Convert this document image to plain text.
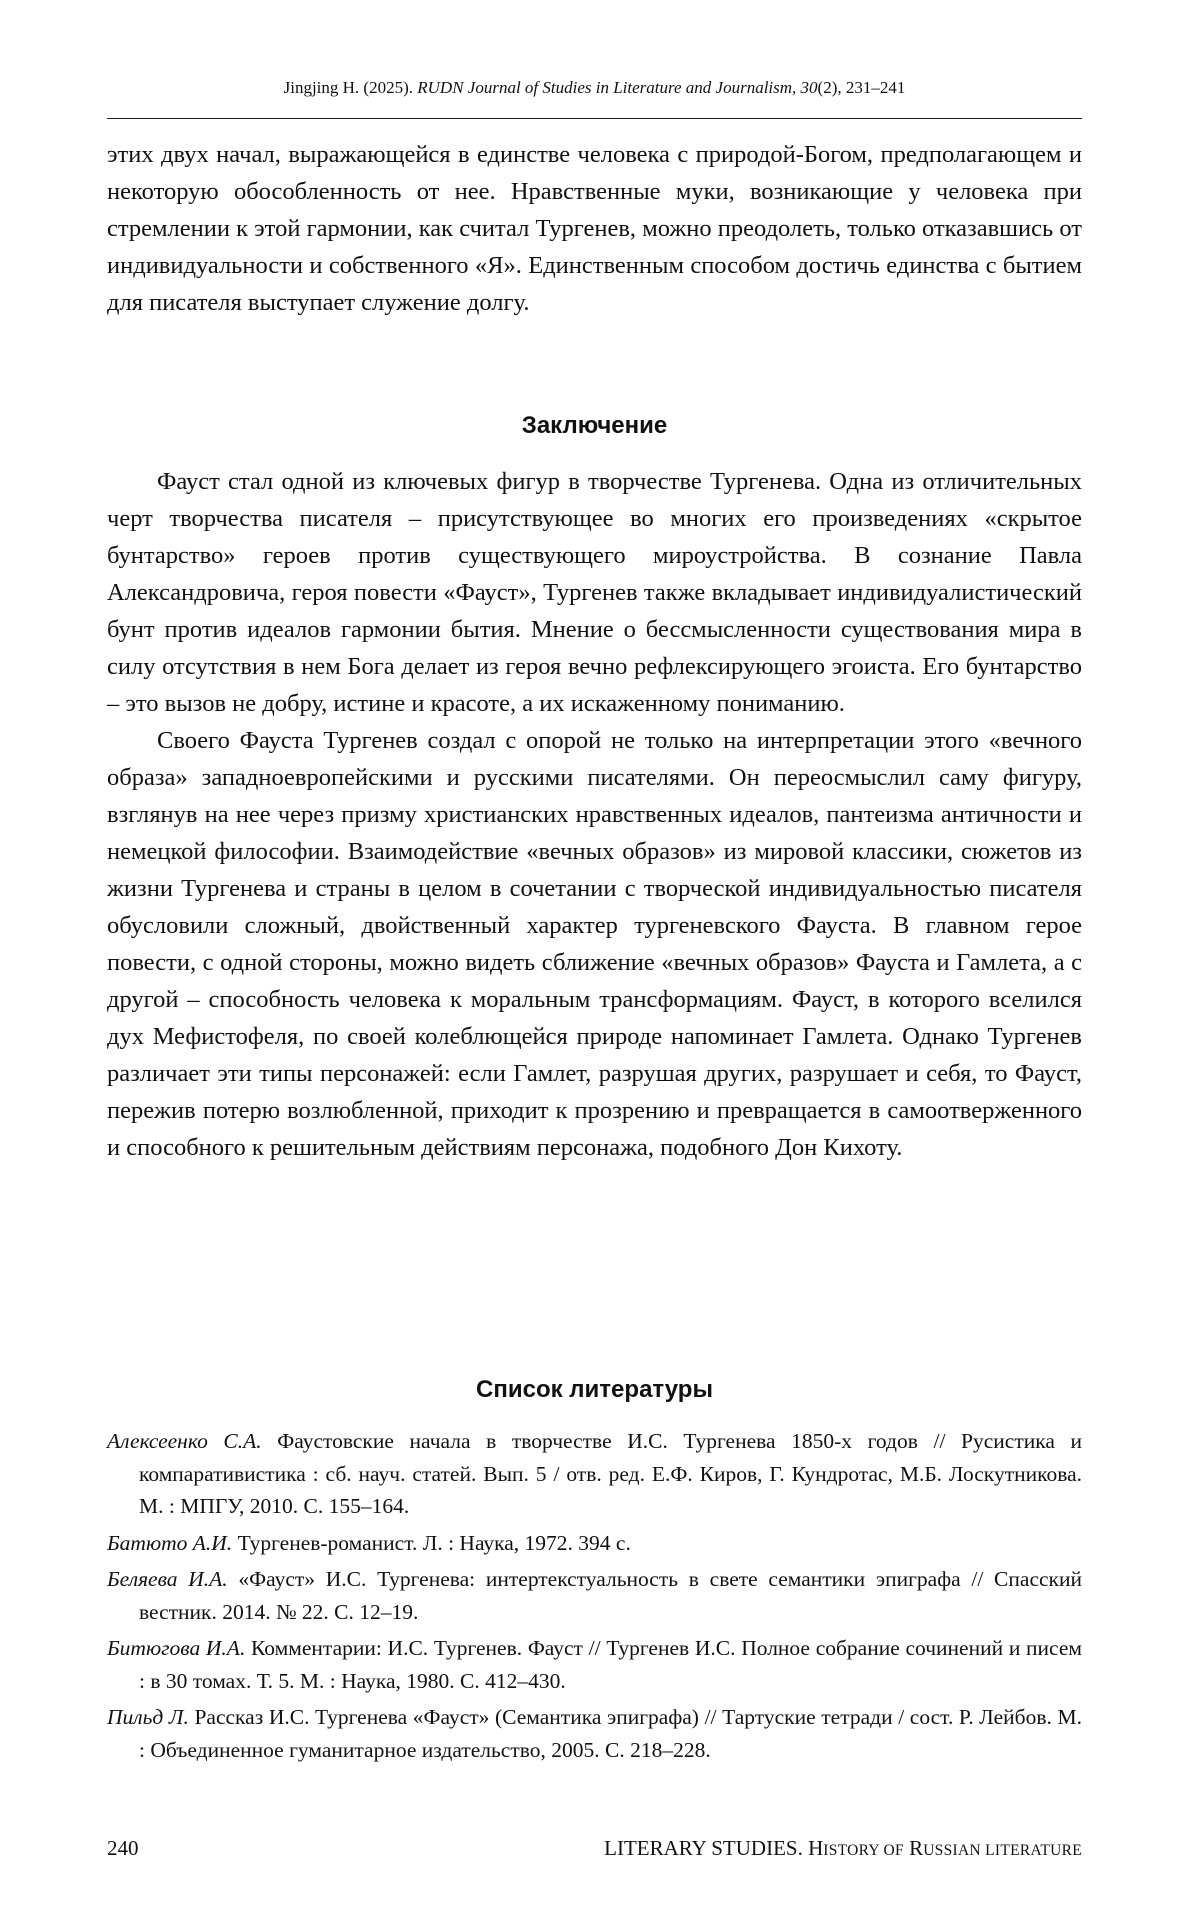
Jingjing H. (2025). RUDN Journal of Studies in Literature and Journalism, 30(2), 231–241

этих двух начал, выражающейся в единстве человека с природой-Богом, предполагающем и некоторую обособленность от нее. Нравственные муки, возникающие у человека при стремлении к этой гармонии, как считал Тургенев, можно преодолеть, только отказавшись от индивидуальности и собственного «Я». Единственным способом достичь единства с бытием для писателя выступает служение долгу.

Заключение

Фауст стал одной из ключевых фигур в творчестве Тургенева. Одна из отличительных черт творчества писателя – присутствующее во многих его произведениях «скрытое бунтарство» героев против существующего мироустройства. В сознание Павла Александровича, героя повести «Фауст», Тургенев также вкладывает индивидуалистический бунт против идеалов гармонии бытия. Мнение о бессмысленности существования мира в силу отсутствия в нем Бога делает из героя вечно рефлексирующего эгоиста. Его бунтарство – это вызов не добру, истине и красоте, а их искаженному пониманию.

Своего Фауста Тургенев создал с опорой не только на интерпретации этого «вечного образа» западноевропейскими и русскими писателями. Он переосмыслил саму фигуру, взглянув на нее через призму христианских нравственных идеалов, пантеизма античности и немецкой философии. Взаимодействие «вечных образов» из мировой классики, сюжетов из жизни Тургенева и страны в целом в сочетании с творческой индивидуальностью писателя обусловили сложный, двойственный характер тургеневского Фауста. В главном герое повести, с одной стороны, можно видеть сближение «вечных образов» Фауста и Гамлета, а с другой – способность человека к моральным трансформациям. Фауст, в которого вселился дух Мефистофеля, по своей колеблющейся природе напоминает Гамлета. Однако Тургенев различает эти типы персонажей: если Гамлет, разрушая других, разрушает и себя, то Фауст, пережив потерю возлюбленной, приходит к прозрению и превращается в самоотверженного и способного к решительным действиям персонажа, подобного Дон Кихоту.

Список литературы

Алексеенко С.А. Фаустовские начала в творчестве И.С. Тургенева 1850-х годов // Русистика и компаративистика : сб. науч. статей. Вып. 5 / отв. ред. Е.Ф. Киров, Г. Кундротас, М.Б. Лоскутникова. М. : МПГУ, 2010. С. 155–164.

Батюто А.И. Тургенев-романист. Л. : Наука, 1972. 394 с.

Беляева И.А. «Фауст» И.С. Тургенева: интертекстуальность в свете семантики эпиграфа // Спасский вестник. 2014. № 22. С. 12–19.

Битюгова И.А. Комментарии: И.С. Тургенев. Фауст // Тургенев И.С. Полное собрание сочинений и писем : в 30 томах. Т. 5. М. : Наука, 1980. С. 412–430.

Пильд Л. Рассказ И.С. Тургенева «Фауст» (Семантика эпиграфа) // Тартуские тетради / сост. Р. Лейбов. М. : Объединенное гуманитарное издательство, 2005. С. 218–228.

240	LITERARY STUDIES. HISTORY OF RUSSIAN LITERATURE
